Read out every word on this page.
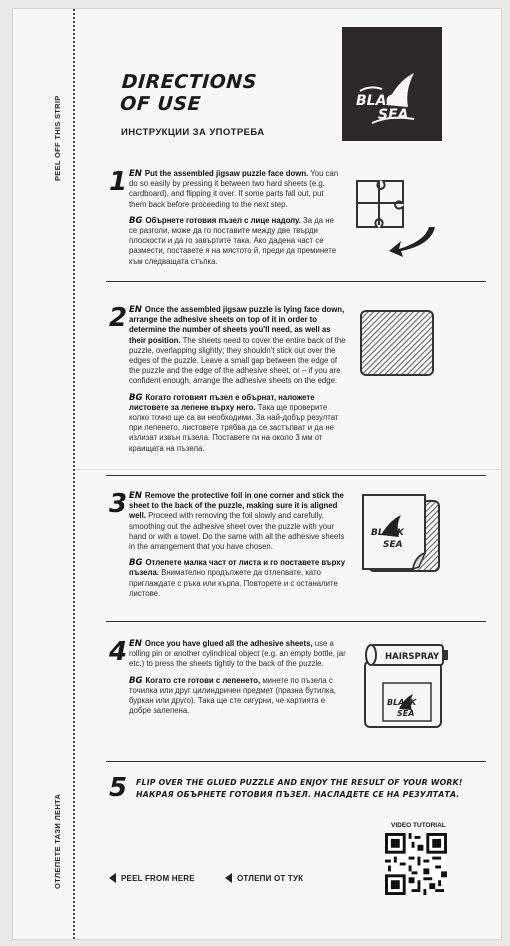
PEEL OFF THIS STRIP
ОТЛЕПЕТЕ ТАЗИ ЛЕНТА
BLACK
SEA
DIRECTIONS
OF USE
ИНСТРУКЦИИ ЗА УПОТРЕБА
1 EN Put the assembled jigsaw puzzle face down. You can do so easily by pressing it between two hard sheets (e.g. cardboard), and flipping it over. If some parts fall out, put them back before proceeding to the next step.
BG Обърнете готовия пъзел с лице надолу. За да не се разголи, може да го поставите между две твърди плоскости и да го завъртите така. Ако дадена част се размести, поставете я на мястото й, преди да преминете към следващата стъпка.
2 EN Once the assembled jigsaw puzzle is lying face down, arrange the adhesive sheets on top of it in order to determine the number of sheets you'll need, as well as their position. The sheets need to cover the entire back of the puzzle, overlapping slightly; they shouldn't stick out over the edges of the puzzle. Leave a small gap between the edge of the puzzle and the edge of the adhesive sheet, or – if you are confident enough, arrange the adhesive sheets on the edge.
BG Когато готовият пъзел е обърнат, наложете листовете за лепене върху него. Така ще проверите колко точно ще са ви необходими. За най-добър резултат при лепенето, листовете трябва да се застъпват и да не излизат извън пъзела. Поставете ги на около 3 мм от краищата на пъзела.
3 EN Remove the protective foil in one corner and stick the sheet to the back of the puzzle, making sure it is aligned well. Proceed with removing the foil slowly and carefully, smoothing out the adhesive sheet over the puzzle with your hand or with a towel. Do the same with all the adhesive sheets in the arrangement that you have chosen.
BG Отлепете малка част от листа и го поставете върху пъзела. Внимателно продължете да отлепвате, като приглаждате с ръка или кърпа. Повторете и с останалите листове.
BLACK
SEA
4 EN Once you have glued all the adhesive sheets, use a rolling pin or another cylindrical object (e.g. an empty bottle, jar etc.) to press the sheets tightly to the back of the puzzle.
BG Когато сте готови с лепенето, минете по пъзела с точилка или друг цилиндричен предмет (празна бутилка, буркан или друго). Така ще сте сигурни, че хартията е добре залепена.
BLACK
SEA
HAIRSPRAY
5 FLIP OVER THE GLUED PUZZLE AND ENJOY THE RESULT OF YOUR WORK!
НАКРАЯ ОБЪРНЕТЕ ГОТОВИЯ ПЪЗЕЛ. НАСЛАДЕТЕ СЕ НА РЕЗУЛТАТА.
VIDEO TUTORIAL
PEEL FROM HERE	ОТЛЕПИ ОТ ТУК
